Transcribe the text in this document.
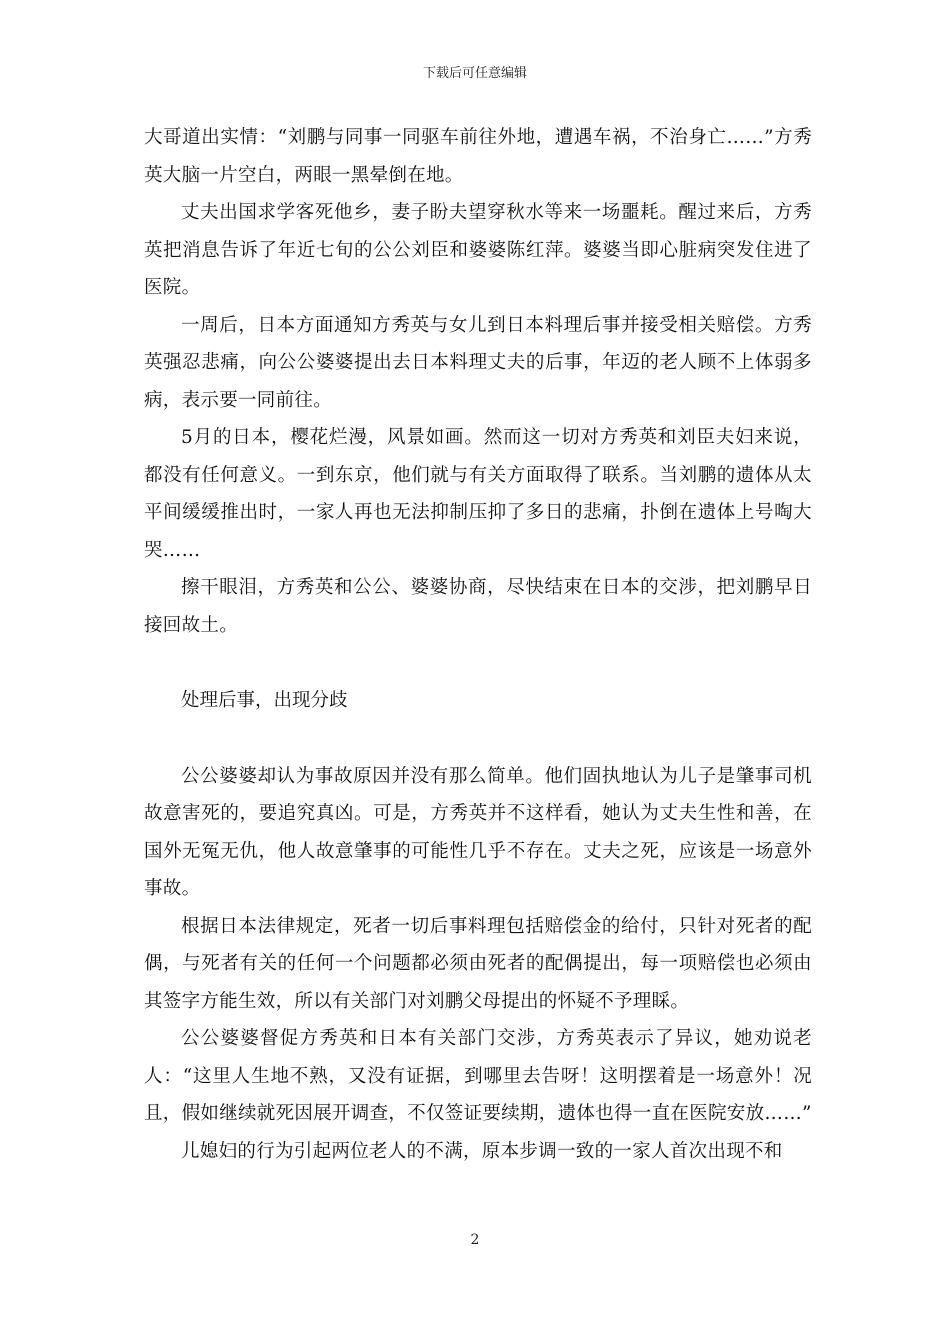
下载后可任意编辑

大哥道出实情：“刘鹏与同事一同驱车前往外地，遭遇车祸，不治身亡……”方秀英大脑一片空白，两眼一黑晕倒在地。

丈夫出国求学客死他乡，妻子盼夫望穿秋水等来一场噩耗。醒过来后，方秀英把消息告诉了年近七旬的公公刘臣和婆婆陈红萍。婆婆当即心脏病突发住进了医院。

一周后，日本方面通知方秀英与女儿到日本料理后事并接受相关赔偿。方秀英强忍悲痛，向公公婆婆提出去日本料理丈夫的后事，年迈的老人顾不上体弱多病，表示要一同前往。

5月的日本，樱花烂漫，风景如画。然而这一切对方秀英和刘臣夫妇来说，都没有任何意义。一到东京，他们就与有关方面取得了联系。当刘鹏的遗体从太平间缓缓推出时，一家人再也无法抑制压抑了多日的悲痛，扑倒在遗体上号啕大哭……

擦干眼泪，方秀英和公公、婆婆协商，尽快结束在日本的交涉，把刘鹏早日接回故土。

处理后事，出现分歧

公公婆婆却认为事故原因并没有那么简单。他们固执地认为儿子是肇事司机故意害死的，要追究真凶。可是，方秀英并不这样看，她认为丈夫生性和善，在国外无冤无仇，他人故意肇事的可能性几乎不存在。丈夫之死，应该是一场意外事故。

根据日本法律规定，死者一切后事料理包括赔偿金的给付，只针对死者的配偶，与死者有关的任何一个问题都必须由死者的配偶提出，每一项赔偿也必须由其签字方能生效，所以有关部门对刘鹏父母提出的怀疑不予理睬。

公公婆婆督促方秀英和日本有关部门交涉，方秀英表示了异议，她劝说老人：“这里人生地不熟，又没有证据，到哪里去告呀！这明摆着是一场意外！况且，假如继续就死因展开调查，不仅签证要续期，遗体也得一直在医院安放……”

儿媳妇的行为引起两位老人的不满，原本步调一致的一家人首次出现不和

2
